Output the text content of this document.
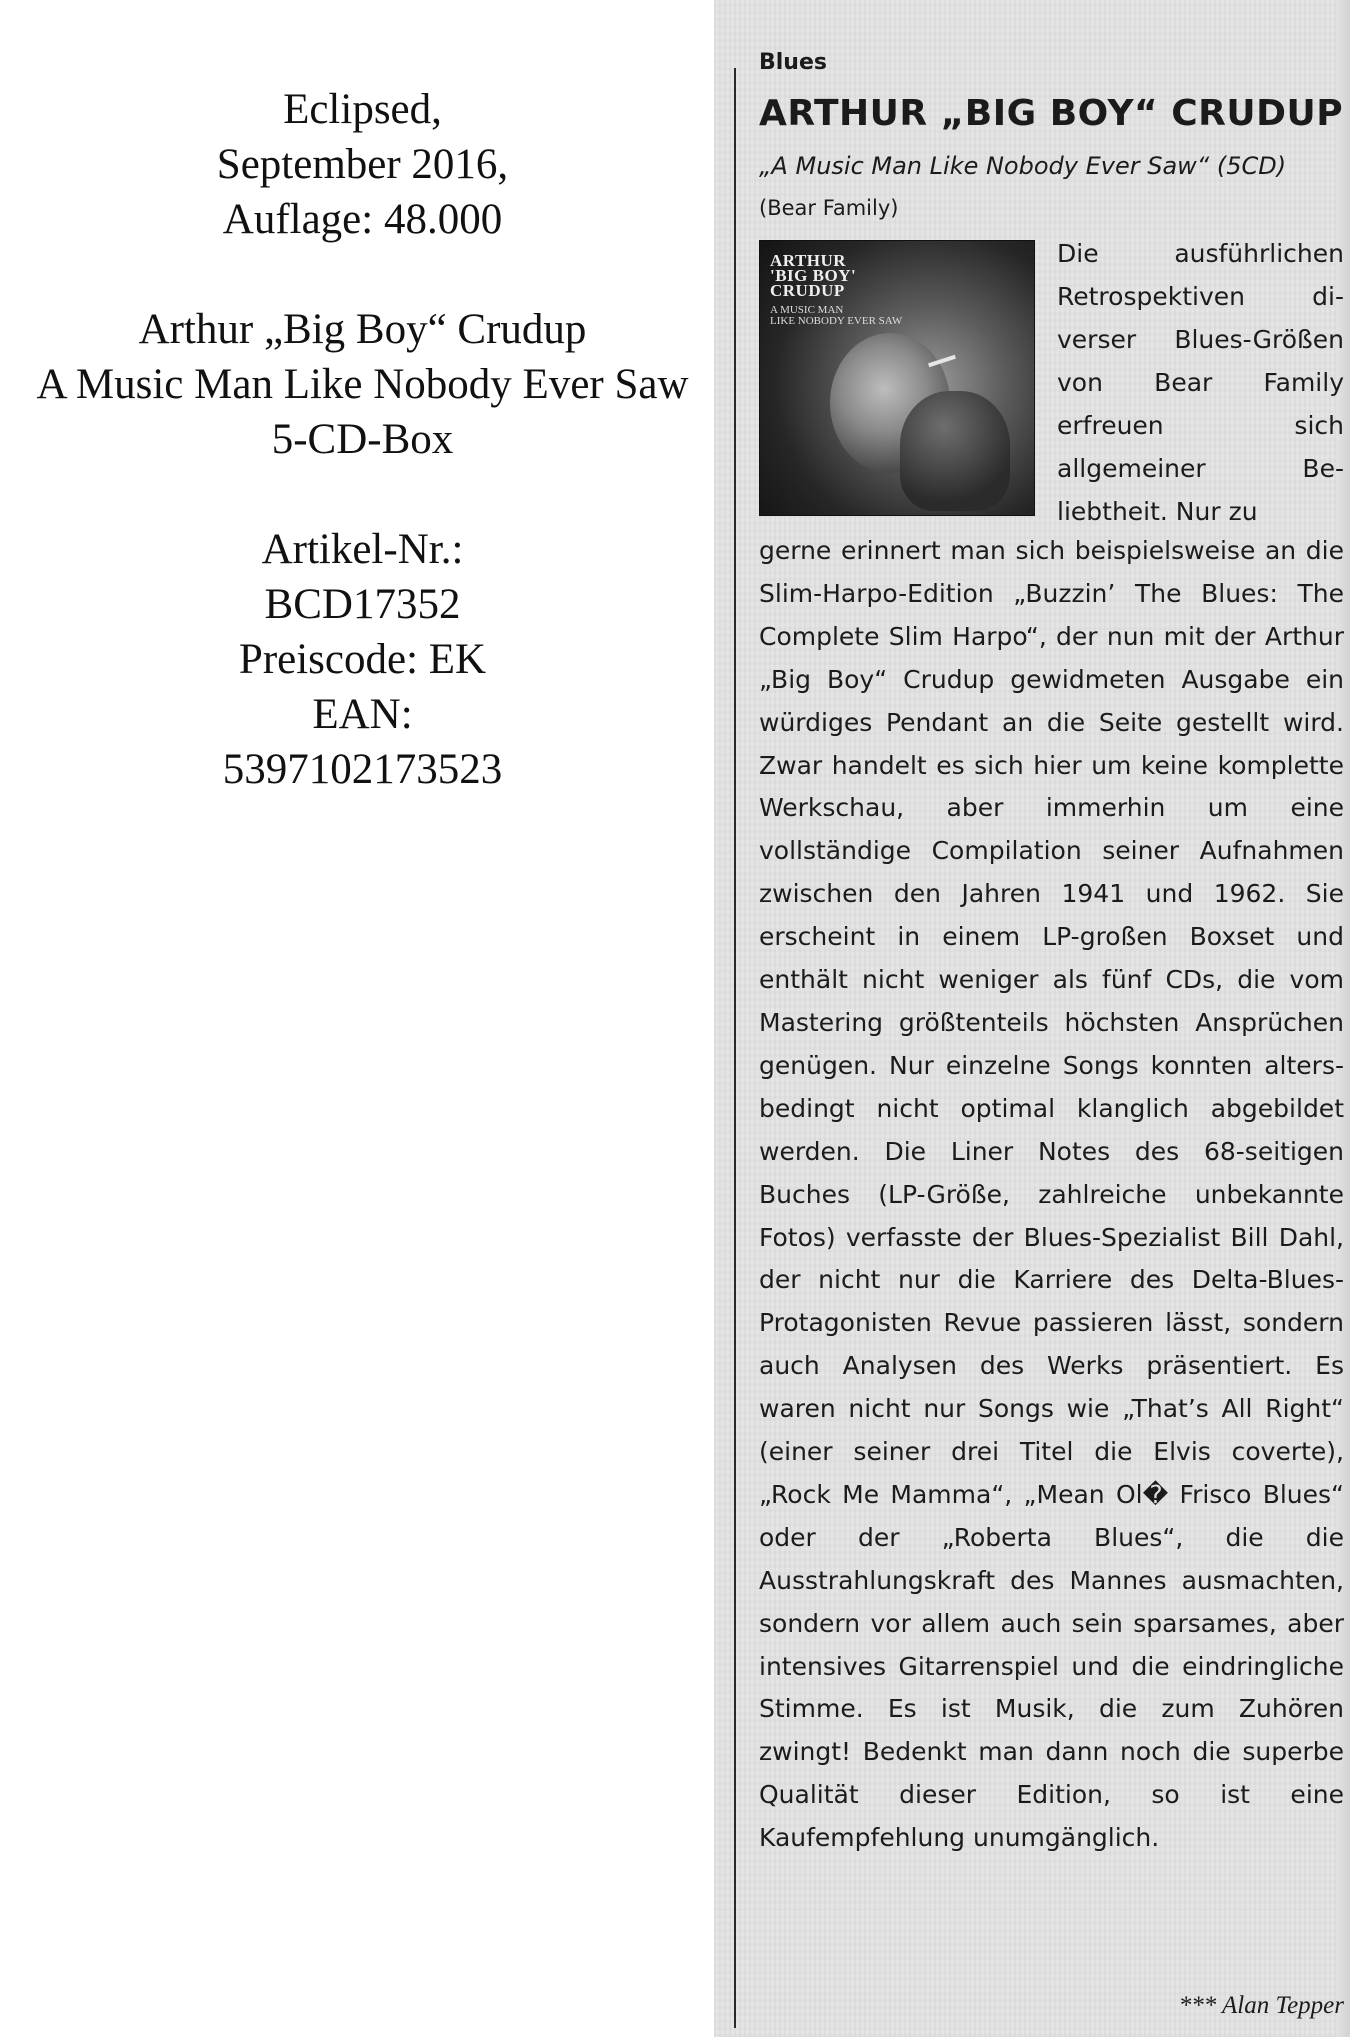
Eclipsed,
September 2016,
Auflage: 48.000
Arthur „Big Boy“ Crudup
A Music Man Like Nobody Ever Saw
5-CD-Box
Artikel-Nr.:
BCD17352
Preiscode: EK
EAN:
5397102173523
Blues
ARTHUR „BIG BOY“ CRUDUP
„A Music Man Like Nobody Ever Saw“ (5CD)
(Bear Family)
ARTHUR
'BIG BOY'
CRUDUP
A MUSIC MAN
LIKE NOBODY EVER SAW
Die ausführlichen Retrospektiven diverser Blues-Größen von Bear Family erfreuen sich allgemeiner Beliebtheit. Nur zu
gerne erinnert man sich beispielsweise an die Slim-Harpo-Edition „Buzzin’ The Blues: The Complete Slim Harpo“, der nun mit der Arthur „Big Boy“ Crudup gewidmeten Ausgabe ein würdiges Pendant an die Seite gestellt wird. Zwar handelt es sich hier um keine komplette Werkschau, aber immerhin um eine vollständige Compilation seiner Aufnahmen zwischen den Jahren 1941 und 1962. Sie erscheint in einem LP-großen Boxset und enthält nicht weniger als fünf CDs, die vom Mastering größtenteils höchsten Ansprüchen genügen. Nur einzelne Songs konnten altersbedingt nicht optimal klanglich abgebildet werden. Die Liner Notes des 68-seitigen Buches (LP-Größe, zahlreiche unbekannte Fotos) verfasste der Blues-Spezialist Bill Dahl, der nicht nur die Karriere des Delta-Blues-Protagonisten Revue passieren lässt, sondern auch Analysen des Werks präsentiert. Es waren nicht nur Songs wie „That’s All Right“ (einer seiner drei Titel die Elvis coverte), „Rock Me Mamma“, „Mean Ol� Frisco Blues“ oder der „Roberta Blues“, die die Ausstrahlungskraft des Mannes ausmachten, sondern vor allem auch sein sparsames, aber intensives Gitarrenspiel und die eindringliche Stimme. Es ist Musik, die zum Zuhören zwingt! Bedenkt man dann noch die superbe Qualität dieser Edition, so ist eine Kaufempfehlung unumgänglich.
*** Alan Tepper
